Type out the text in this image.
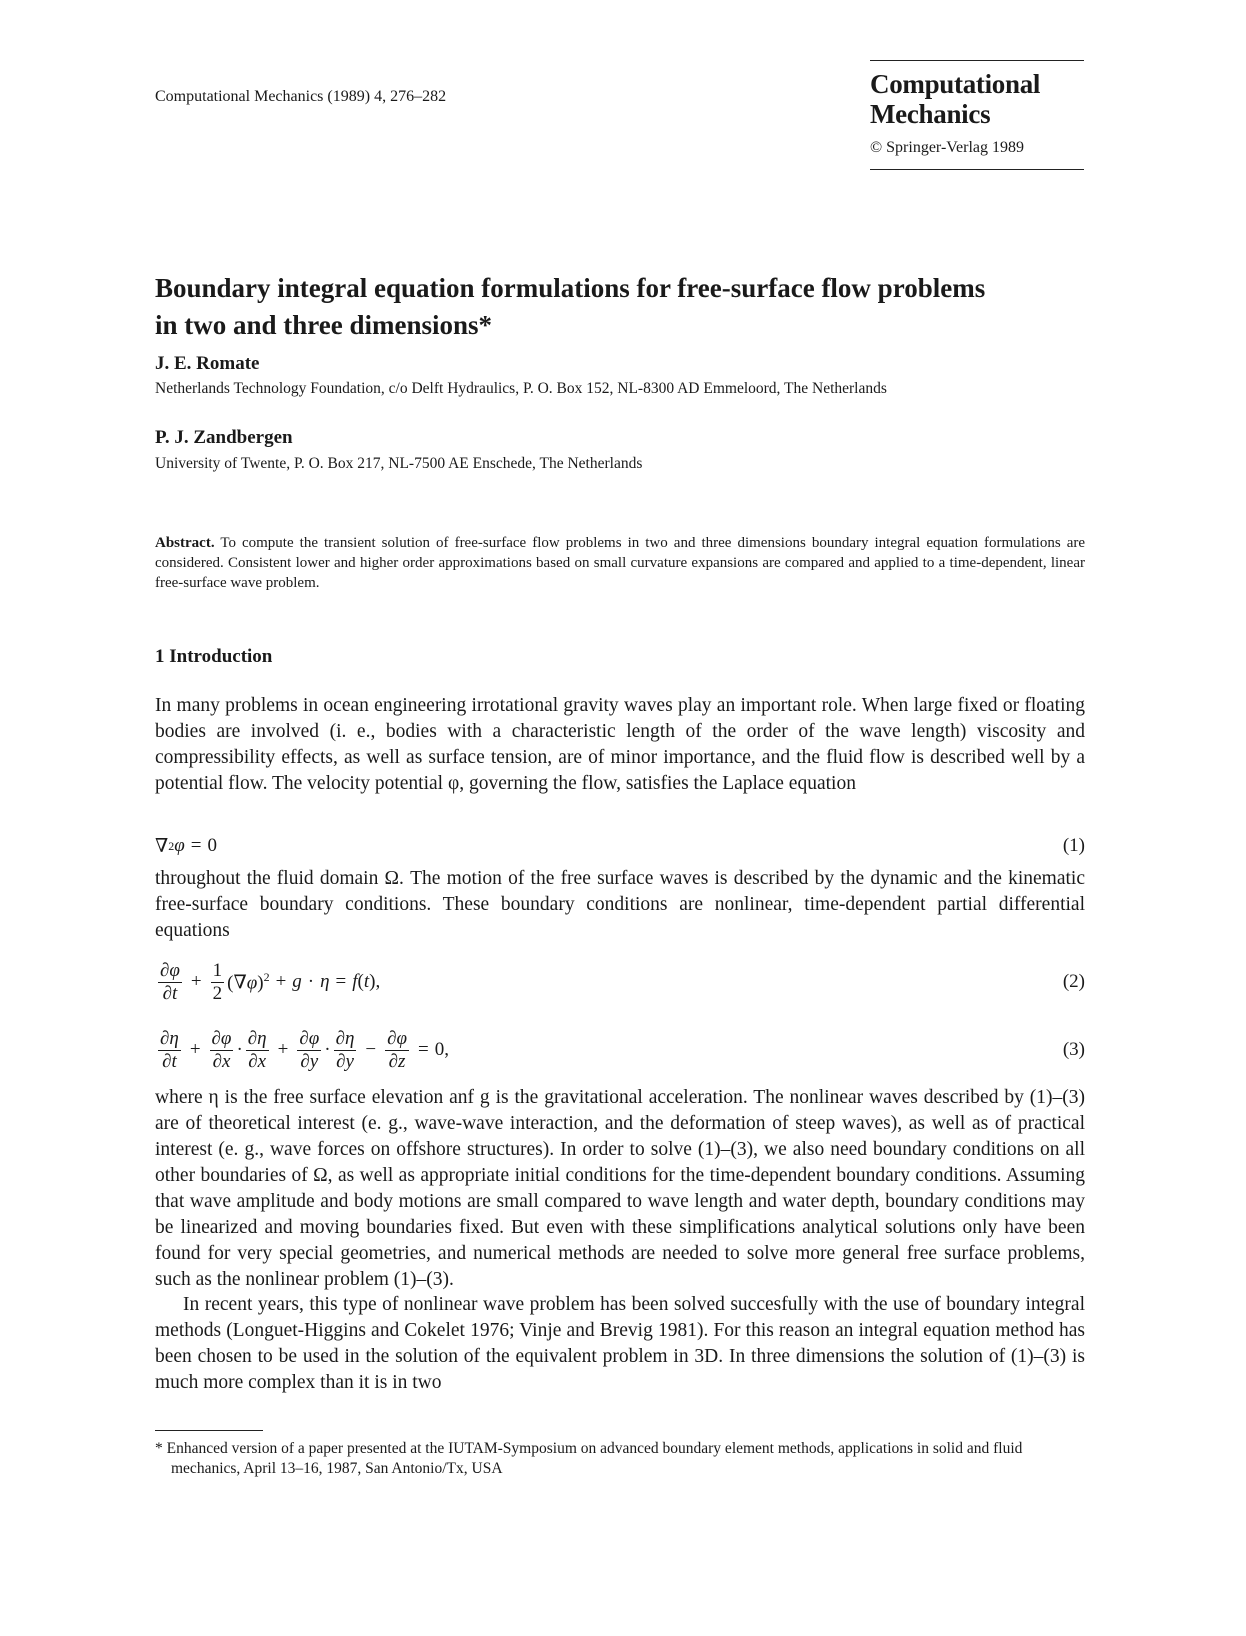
Computational Mechanics (1989) 4, 276–282	Computational
Mechanics
© Springer-Verlag 1989
Boundary integral equation formulations for free-surface flow problems
in two and three dimensions*
J. E. Romate
Netherlands Technology Foundation, c/o Delft Hydraulics, P. O. Box 152, NL-8300 AD Emmeloord, The Netherlands
P. J. Zandbergen
University of Twente, P. O. Box 217, NL-7500 AE Enschede, The Netherlands
Abstract. To compute the transient solution of free-surface flow problems in two and three dimensions boundary integral equation formulations are considered. Consistent lower and higher order approximations based on small curvature expansions are compared and applied to a time-dependent, linear free-surface wave problem.
1 Introduction
In many problems in ocean engineering irrotational gravity waves play an important role. When large fixed or floating bodies are involved (i. e., bodies with a characteristic length of the order of the wave length) viscosity and compressibility effects, as well as surface tension, are of minor importance, and the fluid flow is described well by a potential flow. The velocity potential φ, governing the flow, satisfies the Laplace equation
∇ 2 φ = 0	(1)
throughout the fluid domain Ω. The motion of the free surface waves is described by the dynamic and the kinematic free-surface boundary conditions. These boundary conditions are nonlinear, time-dependent partial differential equations
$\frac{\partial\varphi}{\partial t} + \frac{1}{2} (\nabla\varphi)^2 + g \cdot \eta = f$ (t),	(2)
$\frac{\partial\eta}{\partial t} + \frac{\partial\varphi}{\partial x} \cdot \frac{\partial\eta}{\partial x} + \frac{\partial\varphi}{\partial y} \cdot \frac{\partial\eta}{\partial y} - \frac{\partial\varphi}{\partial z} = 0$,	(3)
where η is the free surface elevation anf g is the gravitational acceleration. The nonlinear waves described by (1)–(3) are of theoretical interest (e. g., wave-wave interaction, and the deformation of steep waves), as well as of practical interest (e. g., wave forces on offshore structures). In order to solve (1)–(3), we also need boundary conditions on all other boundaries of Ω, as well as appropriate initial conditions for the time-dependent boundary conditions. Assuming that wave amplitude and body motions are small compared to wave length and water depth, boundary conditions may be linearized and moving boundaries fixed. But even with these simplifications analytical solutions only have been found for very special geometries, and numerical methods are needed to solve more general free surface problems, such as the nonlinear problem (1)–(3).
In recent years, this type of nonlinear wave problem has been solved succesfully with the use of boundary integral methods (Longuet-Higgins and Cokelet 1976; Vinje and Brevig 1981). For this reason an integral equation method has been chosen to be used in the solution of the equivalent problem in 3D. In three dimensions the solution of (1)–(3) is much more complex than it is in two
* Enhanced version of a paper presented at the IUTAM-Symposium on advanced boundary element methods, applications in solid and fluid mechanics, April 13–16, 1987, San Antonio/Tx, USA
